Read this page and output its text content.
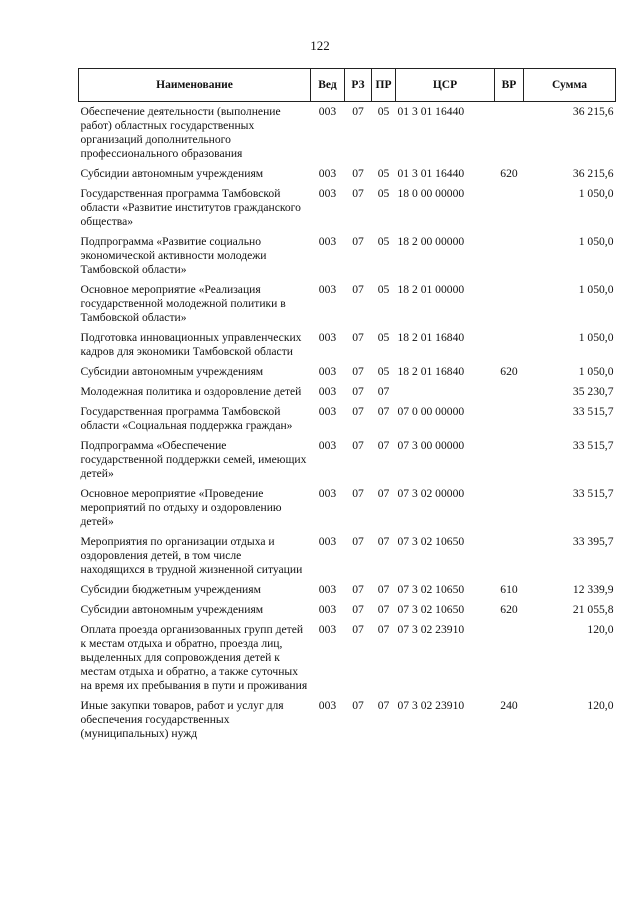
122
Наименование	Вед	РЗ	ПР	ЦСР	ВР	Сумма
Обеспечение деятельности (выполнение работ) областных государственных организаций дополнительного профессионального образования	003	07	05	01 3 01 16440		36 215,6
Субсидии автономным учреждениям	003	07	05	01 3 01 16440	620	36 215,6
Государственная программа Тамбовской области «Развитие институтов гражданского общества»	003	07	05	18 0 00 00000		1 050,0
Подпрограмма «Развитие социально экономической активности молодежи Тамбовской области»	003	07	05	18 2 00 00000		1 050,0
Основное мероприятие «Реализация государственной молодежной политики в Тамбовской области»	003	07	05	18 2 01 00000		1 050,0
Подготовка инновационных управленческих кадров для экономики Тамбовской области	003	07	05	18 2 01 16840		1 050,0
Субсидии автономным учреждениям	003	07	05	18 2 01 16840	620	1 050,0
Молодежная политика и оздоровление детей	003	07	07			35 230,7
Государственная программа Тамбовской области «Социальная поддержка граждан»	003	07	07	07 0 00 00000		33 515,7
Подпрограмма «Обеспечение государственной поддержки семей, имеющих детей»	003	07	07	07 3 00 00000		33 515,7
Основное мероприятие «Проведение мероприятий по отдыху и оздоровлению детей»	003	07	07	07 3 02 00000		33 515,7
Мероприятия по организации отдыха и оздоровления детей, в том числе находящихся в трудной жизненной ситуации	003	07	07	07 3 02 10650		33 395,7
Субсидии бюджетным учреждениям	003	07	07	07 3 02 10650	610	12 339,9
Субсидии автономным учреждениям	003	07	07	07 3 02 10650	620	21 055,8
Оплата проезда организованных групп детей к местам отдыха и обратно, проезда лиц, выделенных для сопровождения детей к местам отдыха и обратно, а также суточных на время их пребывания в пути и проживания	003	07	07	07 3 02 23910		120,0
Иные закупки товаров, работ и услуг для обеспечения государственных (муниципальных) нужд	003	07	07	07 3 02 23910	240	120,0
